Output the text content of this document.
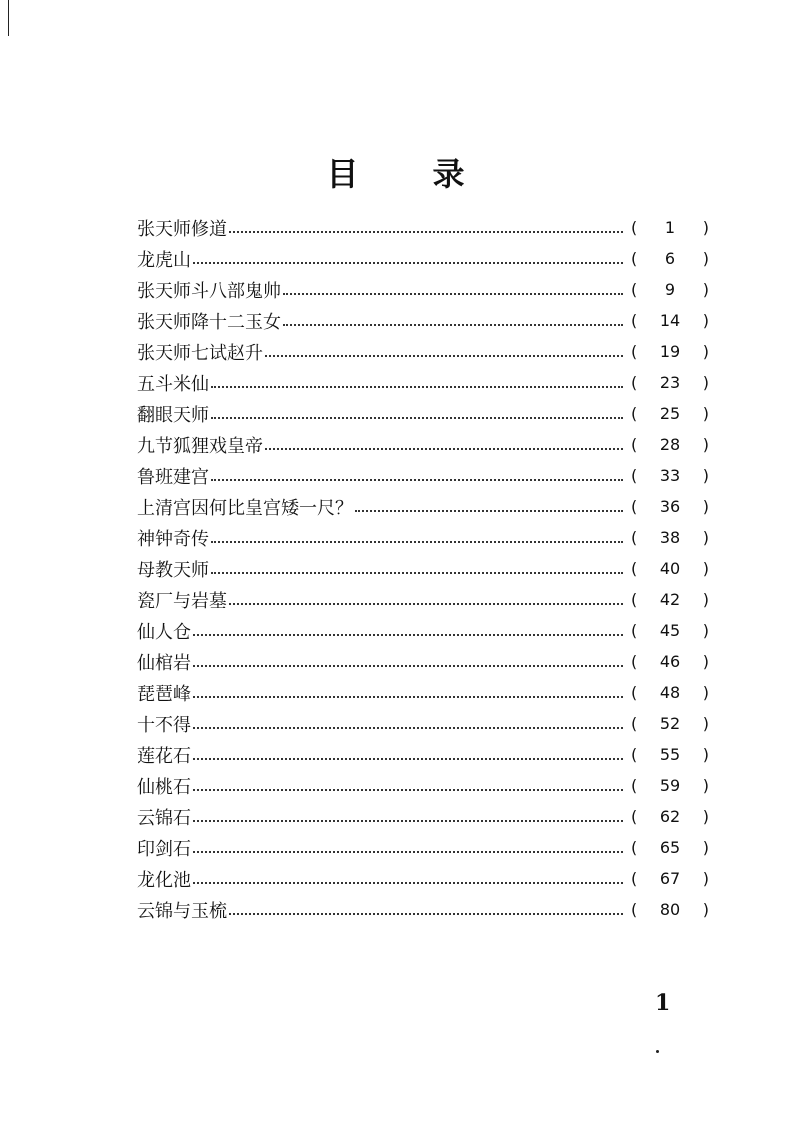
目 录
张天师修道	(	1	)
龙虎山	(	6	)
张天师斗八部鬼帅	(	9	)
张天师降十二玉女	(	14	)
张天师七试赵升	(	19	)
五斗米仙	(	23	)
翻眼天师	(	25	)
九节狐狸戏皇帝	(	28	)
鲁班建宫	(	33	)
上清宫因何比皇宫矮一尺？	(	36	)
神钟奇传	(	38	)
母教天师	(	40	)
瓷厂与岩墓	(	42	)
仙人仓	(	45	)
仙棺岩	(	46	)
琵琶峰	(	48	)
十不得	(	52	)
莲花石	(	55	)
仙桃石	(	59	)
云锦石	(	62	)
印剑石	(	65	)
龙化池	(	67	)
云锦与玉梳	(	80	)
1
